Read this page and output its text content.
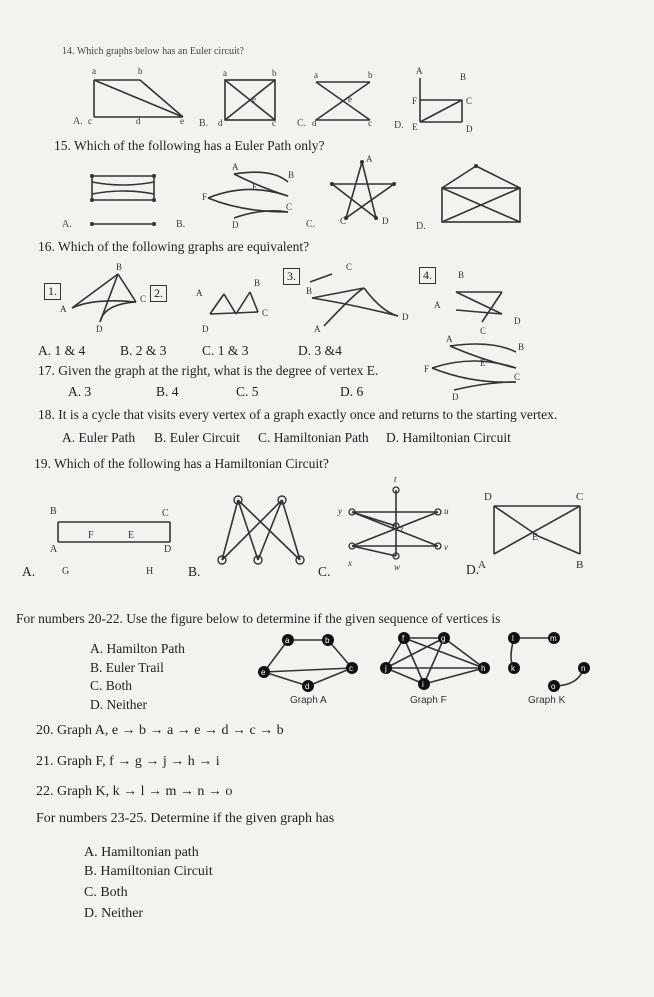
14. Which graphs below has an Euler circuit?
A.
a	b
c	d	e B.
a	b
e
d	c C.
a	b
e
d	c D.
A
B
F	C
E	D
15. Which of the following has a Euler Path only?
A.	B.
A
B
E
F
D
C
C.
A
C	D	D.
16. Which of the following graphs are equivalent?
1.
B
A
C
D
2.	A
B
C
D
3.
C
B
D
A
4.	B
A
D
C
A. 1 & 4	B. 2 & 3	C. 1 & 3	D. 3 &4
17. Given the graph at the right, what is the degree of vertex E.
A
B
E
F
D
C
A. 3	B. 4	C. 5	D. 6
18. It is a cycle that visits every vertex of a graph exactly once and returns to the starting vertex.
A. Euler Path B. Euler Circuit C. Hamiltonian Path D. Hamiltonian Circuit
19. Which of the following has a Hamiltonian Circuit?
A.
B	C
F	E
A	D
G	H	B.	C.
t
y	u
z
v
x	w	D.
D	C
E
A	B
For numbers 20-22. Use the figure below to determine if the given sequence of vertices is
A. Hamilton Path
B. Euler Trail
C. Both
D. Neither
a	b
e	c
d
Graph A
f	g
j	h
i
Graph F
l	m
k	n
o
Graph K
20. Graph A, e → b → a → e → d → c → b
21. Graph F, f → g → j → h → i
22. Graph K, k → l → m → n → o
For numbers 23-25. Determine if the given graph has
A. Hamiltonian path
B. Hamiltonian Circuit
C. Both
D. Neither
